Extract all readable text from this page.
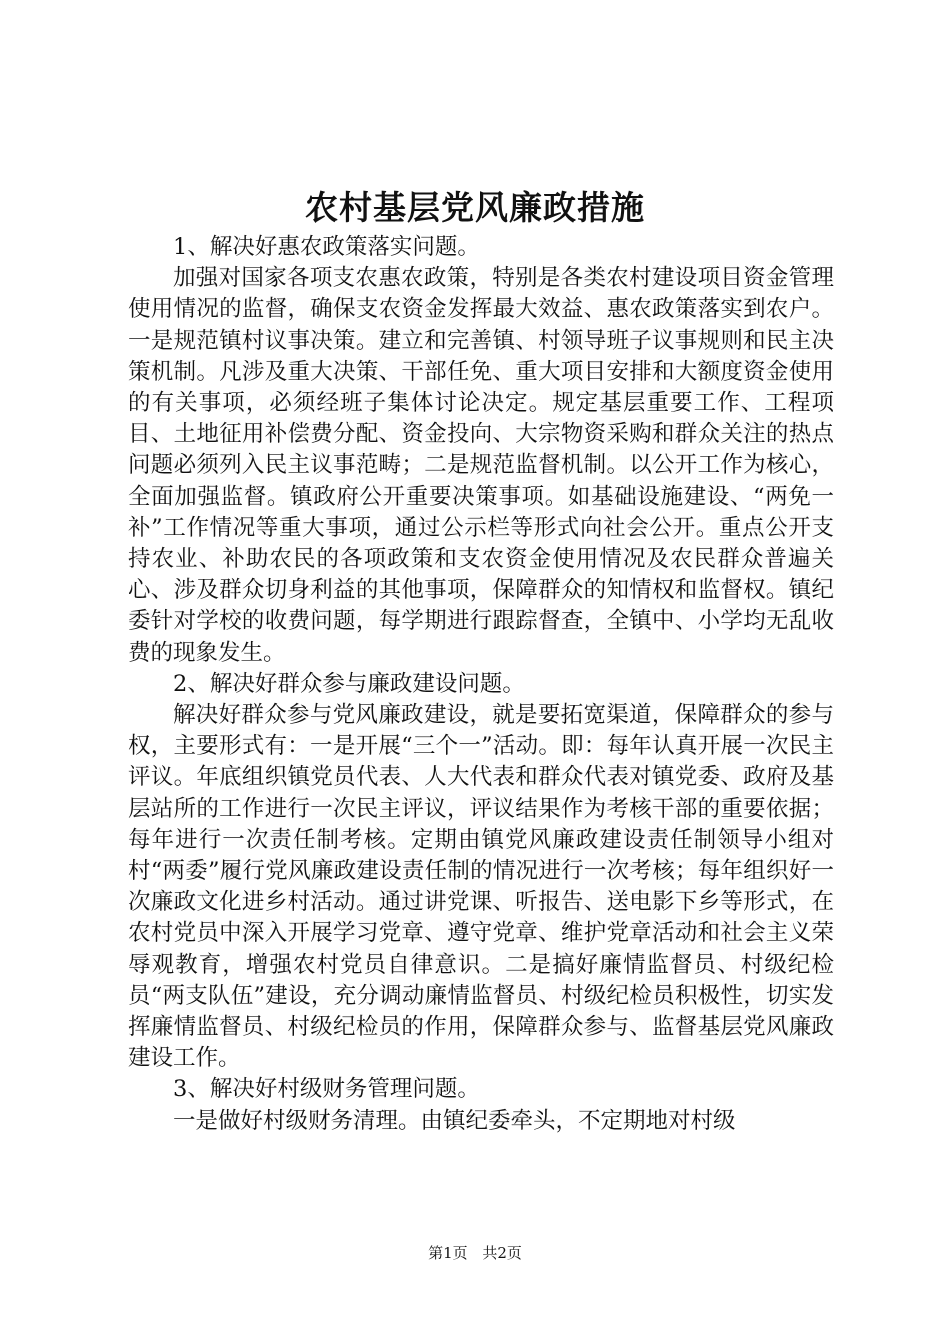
农村基层党风廉政措施

1、解决好惠农政策落实问题。

加强对国家各项支农惠农政策，特别是各类农村建设项目资金管理使用情况的监督，确保支农资金发挥最大效益、惠农政策落实到农户。一是规范镇村议事决策。建立和完善镇、村领导班子议事规则和民主决策机制。凡涉及重大决策、干部任免、重大项目安排和大额度资金使用的有关事项，必须经班子集体讨论决定。规定基层重要工作、工程项目、土地征用补偿费分配、资金投向、大宗物资采购和群众关注的热点问题必须列入民主议事范畴；二是规范监督机制。以公开工作为核心，全面加强监督。镇政府公开重要决策事项。如基础设施建设、“两免一补”工作情况等重大事项，通过公示栏等形式向社会公开。重点公开支持农业、补助农民的各项政策和支农资金使用情况及农民群众普遍关心、涉及群众切身利益的其他事项，保障群众的知情权和监督权。镇纪委针对学校的收费问题，每学期进行跟踪督查，全镇中、小学均无乱收费的现象发生。

2、解决好群众参与廉政建设问题。

解决好群众参与党风廉政建设，就是要拓宽渠道，保障群众的参与权，主要形式有：一是开展“三个一”活动。即：每年认真开展一次民主评议。年底组织镇党员代表、人大代表和群众代表对镇党委、政府及基层站所的工作进行一次民主评议，评议结果作为考核干部的重要依据；每年进行一次责任制考核。定期由镇党风廉政建设责任制领导小组对村“两委”履行党风廉政建设责任制的情况进行一次考核；每年组织好一次廉政文化进乡村活动。通过讲党课、听报告、送电影下乡等形式，在农村党员中深入开展学习党章、遵守党章、维护党章活动和社会主义荣辱观教育，增强农村党员自律意识。二是搞好廉情监督员、村级纪检员“两支队伍”建设，充分调动廉情监督员、村级纪检员积极性，切实发挥廉情监督员、村级纪检员的作用，保障群众参与、监督基层党风廉政建设工作。

3、解决好村级财务管理问题。

一是做好村级财务清理。由镇纪委牵头，不定期地对村级

第1页 共2页
